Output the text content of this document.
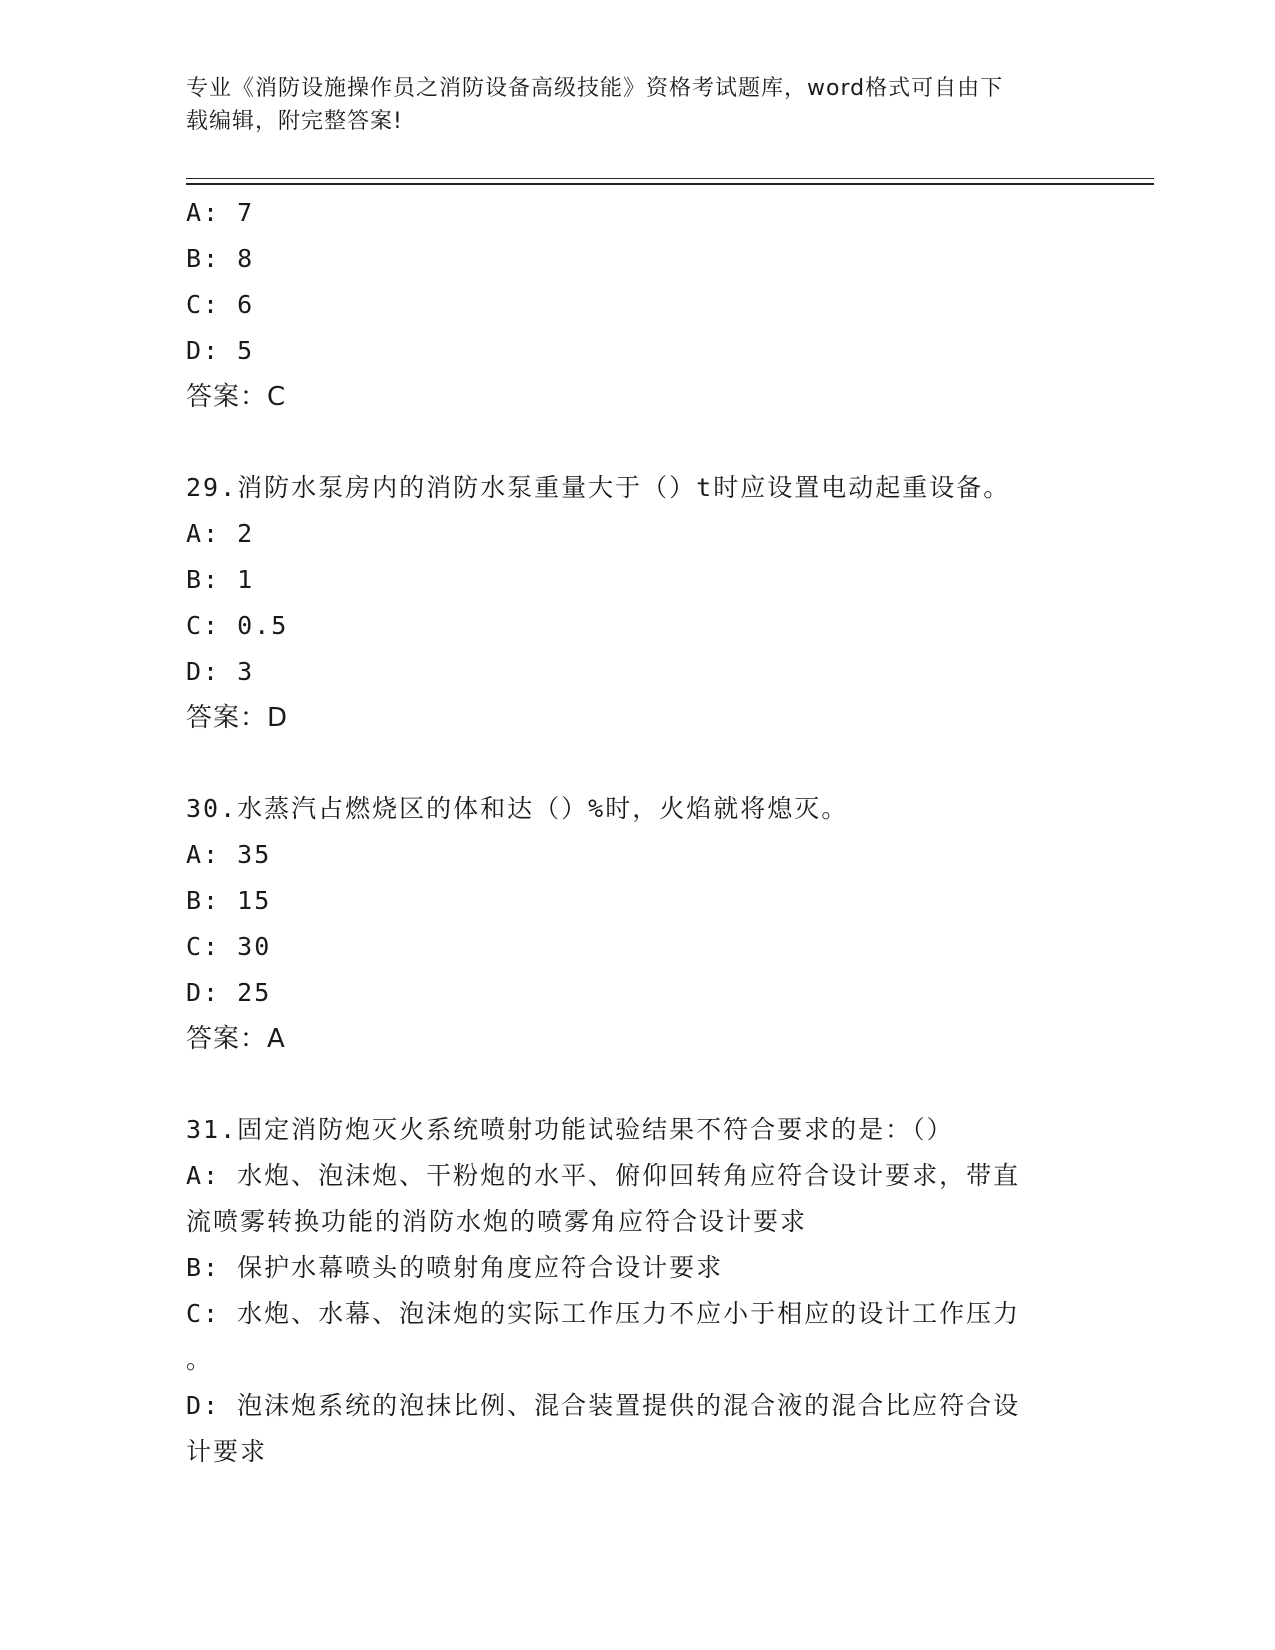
专业《消防设施操作员之消防设备高级技能》资格考试题库，word格式可自由下
载编辑，附完整答案!
A: 7
B: 8
C: 6
D: 5
答案：C
29.消防水泵房内的消防水泵重量大于（）t时应设置电动起重设备。
A: 2
B: 1
C: 0.5
D: 3
答案：D
30.水蒸汽占燃烧区的体和达（）%时，火焰就将熄灭。
A: 35
B: 15
C: 30
D: 25
答案：A
31.固定消防炮灭火系统喷射功能试验结果不符合要求的是：（）
A: 水炮、泡沫炮、干粉炮的水平、俯仰回转角应符合设计要求，带直
流喷雾转换功能的消防水炮的喷雾角应符合设计要求
B: 保护水幕喷头的喷射角度应符合设计要求
C: 水炮、水幕、泡沫炮的实际工作压力不应小于相应的设计工作压力
。
D: 泡沫炮系统的泡抹比例、混合装置提供的混合液的混合比应符合设
计要求
